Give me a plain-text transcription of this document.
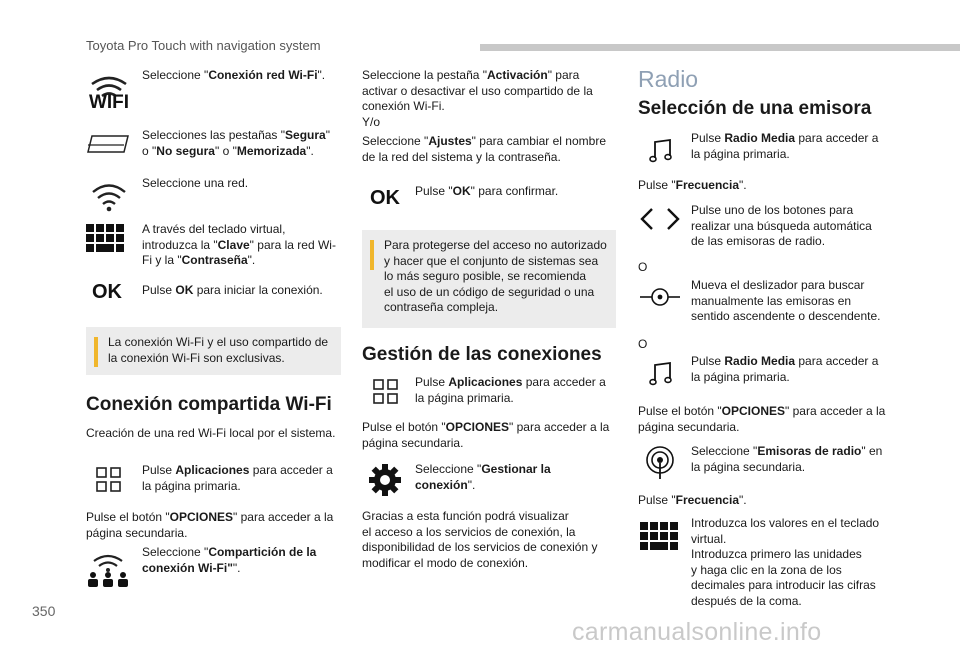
Toyota Pro Touch with navigation system
WIFI
Seleccione "Conexión red Wi-Fi".
Selecciones las pestañas "Segura"
o "No segura" o "Memorizada".
Seleccione una red.
A través del teclado virtual,
introduzca la "Clave" para la red Wi-
Fi y la "Contraseña".
OK Pulse OK para iniciar la conexión.
La conexión Wi-Fi y el uso compartido de
la conexión Wi-Fi son exclusivas.
Conexión compartida Wi-Fi
Creación de una red Wi-Fi local por el sistema.
Pulse Aplicaciones para acceder a
la página primaria.
Pulse el botón "OPCIONES" para acceder a la
página secundaria.
Seleccione "Compartición de la
conexión Wi-Fi"".
Seleccione la pestaña "Activación" para
activar o desactivar el uso compartido de la
conexión Wi-Fi.
Y/o
Seleccione "Ajustes" para cambiar el nombre
de la red del sistema y la contraseña.
OK Pulse "OK" para confirmar.
Para protegerse del acceso no autorizado
y hacer que el conjunto de sistemas sea
lo más seguro posible, se recomienda
el uso de un código de seguridad o una
contraseña compleja.
Gestión de las conexiones
Pulse Aplicaciones para acceder a
la página primaria.
Pulse el botón "OPCIONES" para acceder a la
página secundaria.
Seleccione "Gestionar la
conexión".
Gracias a esta función podrá visualizar
el acceso a los servicios de conexión, la
disponibilidad de los servicios de conexión y
modificar el modo de conexión.
Radio
Selección de una emisora
Pulse Radio Media para acceder a
la página primaria.
Pulse "Frecuencia".
Pulse uno de los botones para
realizar una búsqueda automática
de las emisoras de radio.
O
Mueva el deslizador para buscar
manualmente las emisoras en
sentido ascendente o descendente.
O
Pulse Radio Media para acceder a
la página primaria.
Pulse el botón "OPCIONES" para acceder a la
página secundaria.
Seleccione "Emisoras de radio" en
la página secundaria.
Pulse "Frecuencia".
Introduzca los valores en el teclado
virtual.
Introduzca primero las unidades
y haga clic en la zona de los
decimales para introducir las cifras
después de la coma.
350
carmanualsonline.info
